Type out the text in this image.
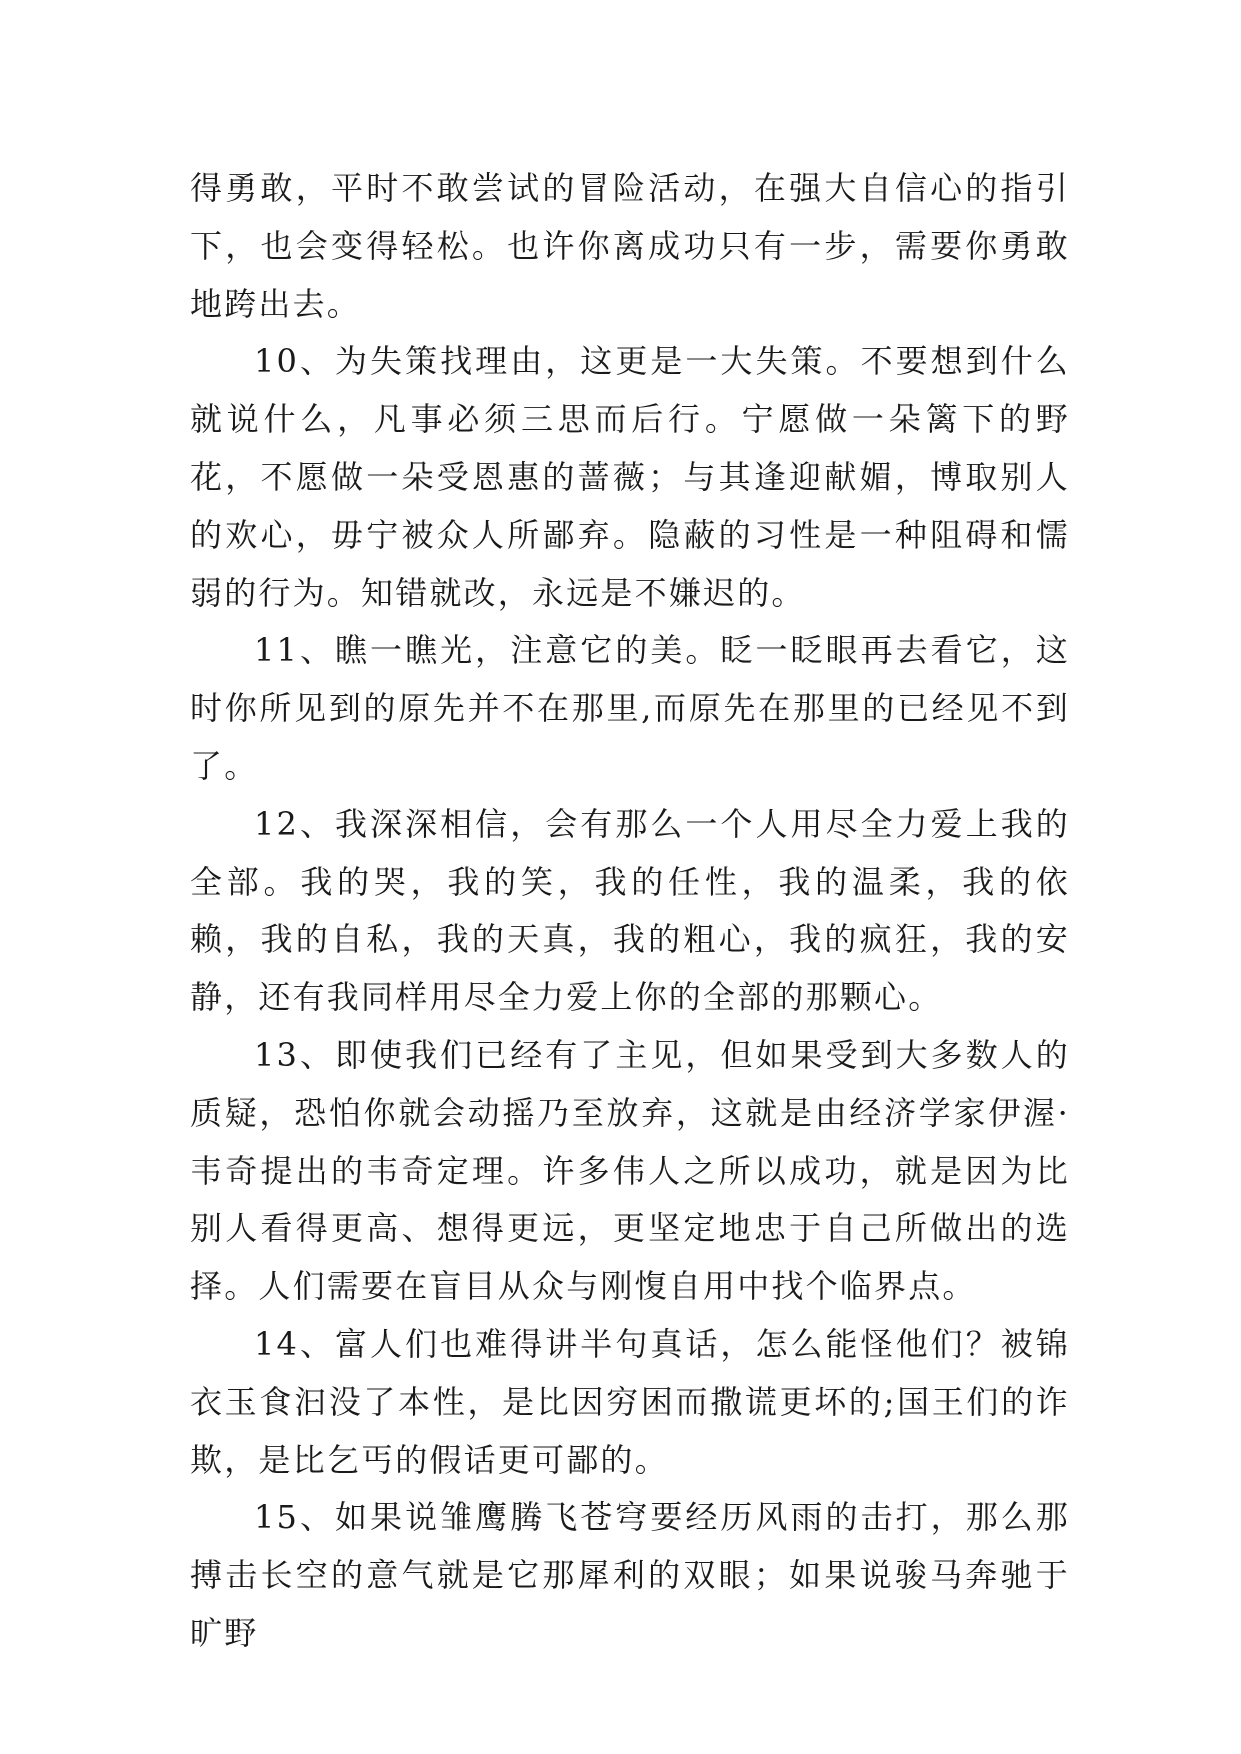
得勇敢，平时不敢尝试的冒险活动，在强大自信心的指引下，也会变得轻松。也许你离成功只有一步，需要你勇敢地跨出去。

10、为失策找理由，这更是一大失策。不要想到什么就说什么，凡事必须三思而后行。宁愿做一朵篱下的野花，不愿做一朵受恩惠的蔷薇；与其逢迎献媚，博取别人的欢心，毋宁被众人所鄙弃。隐蔽的习性是一种阻碍和懦弱的行为。知错就改，永远是不嫌迟的。

11、瞧一瞧光，注意它的美。眨一眨眼再去看它，这时你所见到的原先并不在那里,而原先在那里的已经见不到了。

12、我深深相信，会有那么一个人用尽全力爱上我的全部。我的哭，我的笑，我的任性，我的温柔，我的依赖，我的自私，我的天真，我的粗心，我的疯狂，我的安静，还有我同样用尽全力爱上你的全部的那颗心。

13、即使我们已经有了主见，但如果受到大多数人的质疑，恐怕你就会动摇乃至放弃，这就是由经济学家伊渥·韦奇提出的韦奇定理。许多伟人之所以成功，就是因为比别人看得更高、想得更远，更坚定地忠于自己所做出的选择。人们需要在盲目从众与刚愎自用中找个临界点。

14、富人们也难得讲半句真话，怎么能怪他们？被锦衣玉食汩没了本性，是比因穷困而撒谎更坏的;国王们的诈欺，是比乞丐的假话更可鄙的。

15、如果说雏鹰腾飞苍穹要经历风雨的击打，那么那搏击长空的意气就是它那犀利的双眼；如果说骏马奔驰于旷野
